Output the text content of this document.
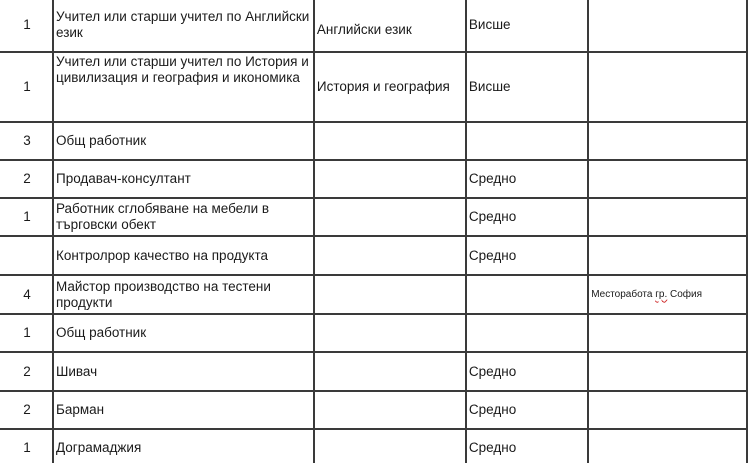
1	Учител или старши учител по Английски език	Английски език	Висше	
1	Учител или старши учител по История и цивилизация и география и икономика	История и география	Висше	
3	Общ работник			
2	Продавач-консултант		Средно	
1	Работник сглобяване на мебели в търговски обект		Средно	
	Контролрор качество на продукта		Средно	
4	Майстор производство на тестени продукти			Месторабота гр. София
1	Общ работник			
2	Шивач		Средно	
2	Барман		Средно	
1	Дограмаджия		Средно	
